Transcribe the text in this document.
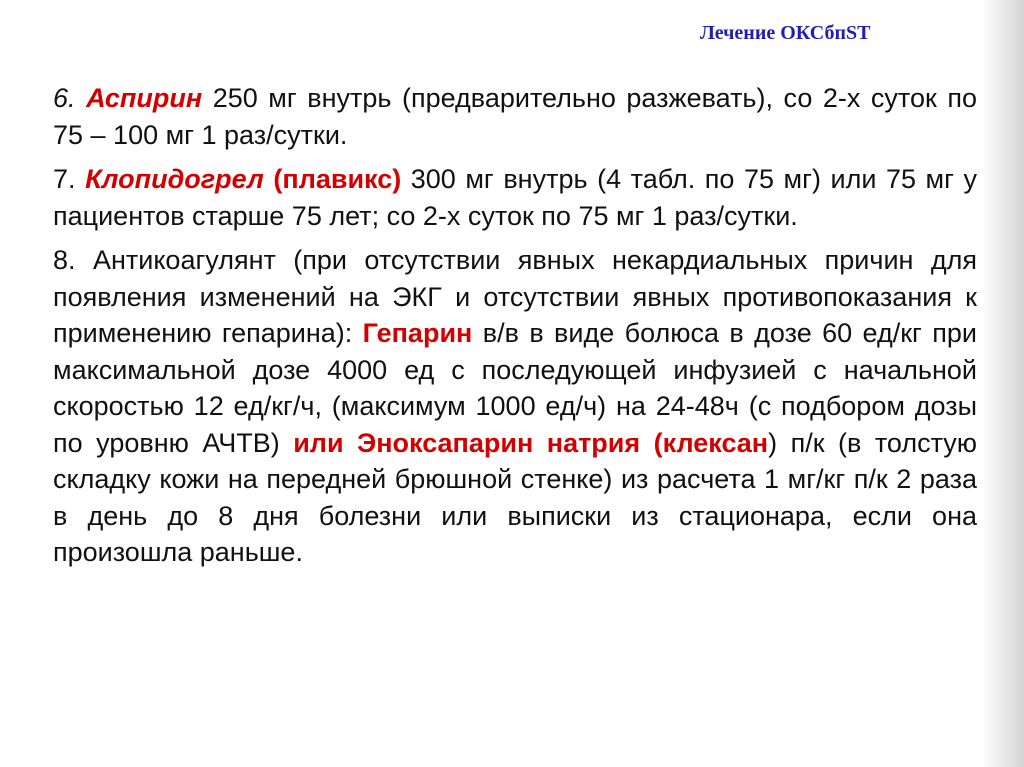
Лечение ОКСбпST

6. Аспирин 250 мг внутрь (предварительно разжевать), со 2-х суток по 75 – 100 мг 1 раз/сутки.

7. Клопидогрел (плавикс) 300 мг внутрь (4 табл. по 75 мг) или 75 мг у пациентов старше 75 лет; со 2-х суток по 75 мг 1 раз/сутки.

8. Антикоагулянт (при отсутствии явных некардиальных причин для появления изменений на ЭКГ и отсутствии явных противопоказания к применению гепарина): Гепарин в/в в виде болюса в дозе 60 ед/кг при максимальной дозе 4000 ед с последующей инфузией с начальной скоростью 12 ед/кг/ч, (максимум 1000 ед/ч) на 24-48ч (с подбором дозы по уровню АЧТВ) или Эноксапарин натрия (клексан) п/к (в толстую складку кожи на передней брюшной стенке) из расчета 1 мг/кг п/к 2 раза в день до 8 дня болезни или выписки из стационара, если она произошла раньше.
